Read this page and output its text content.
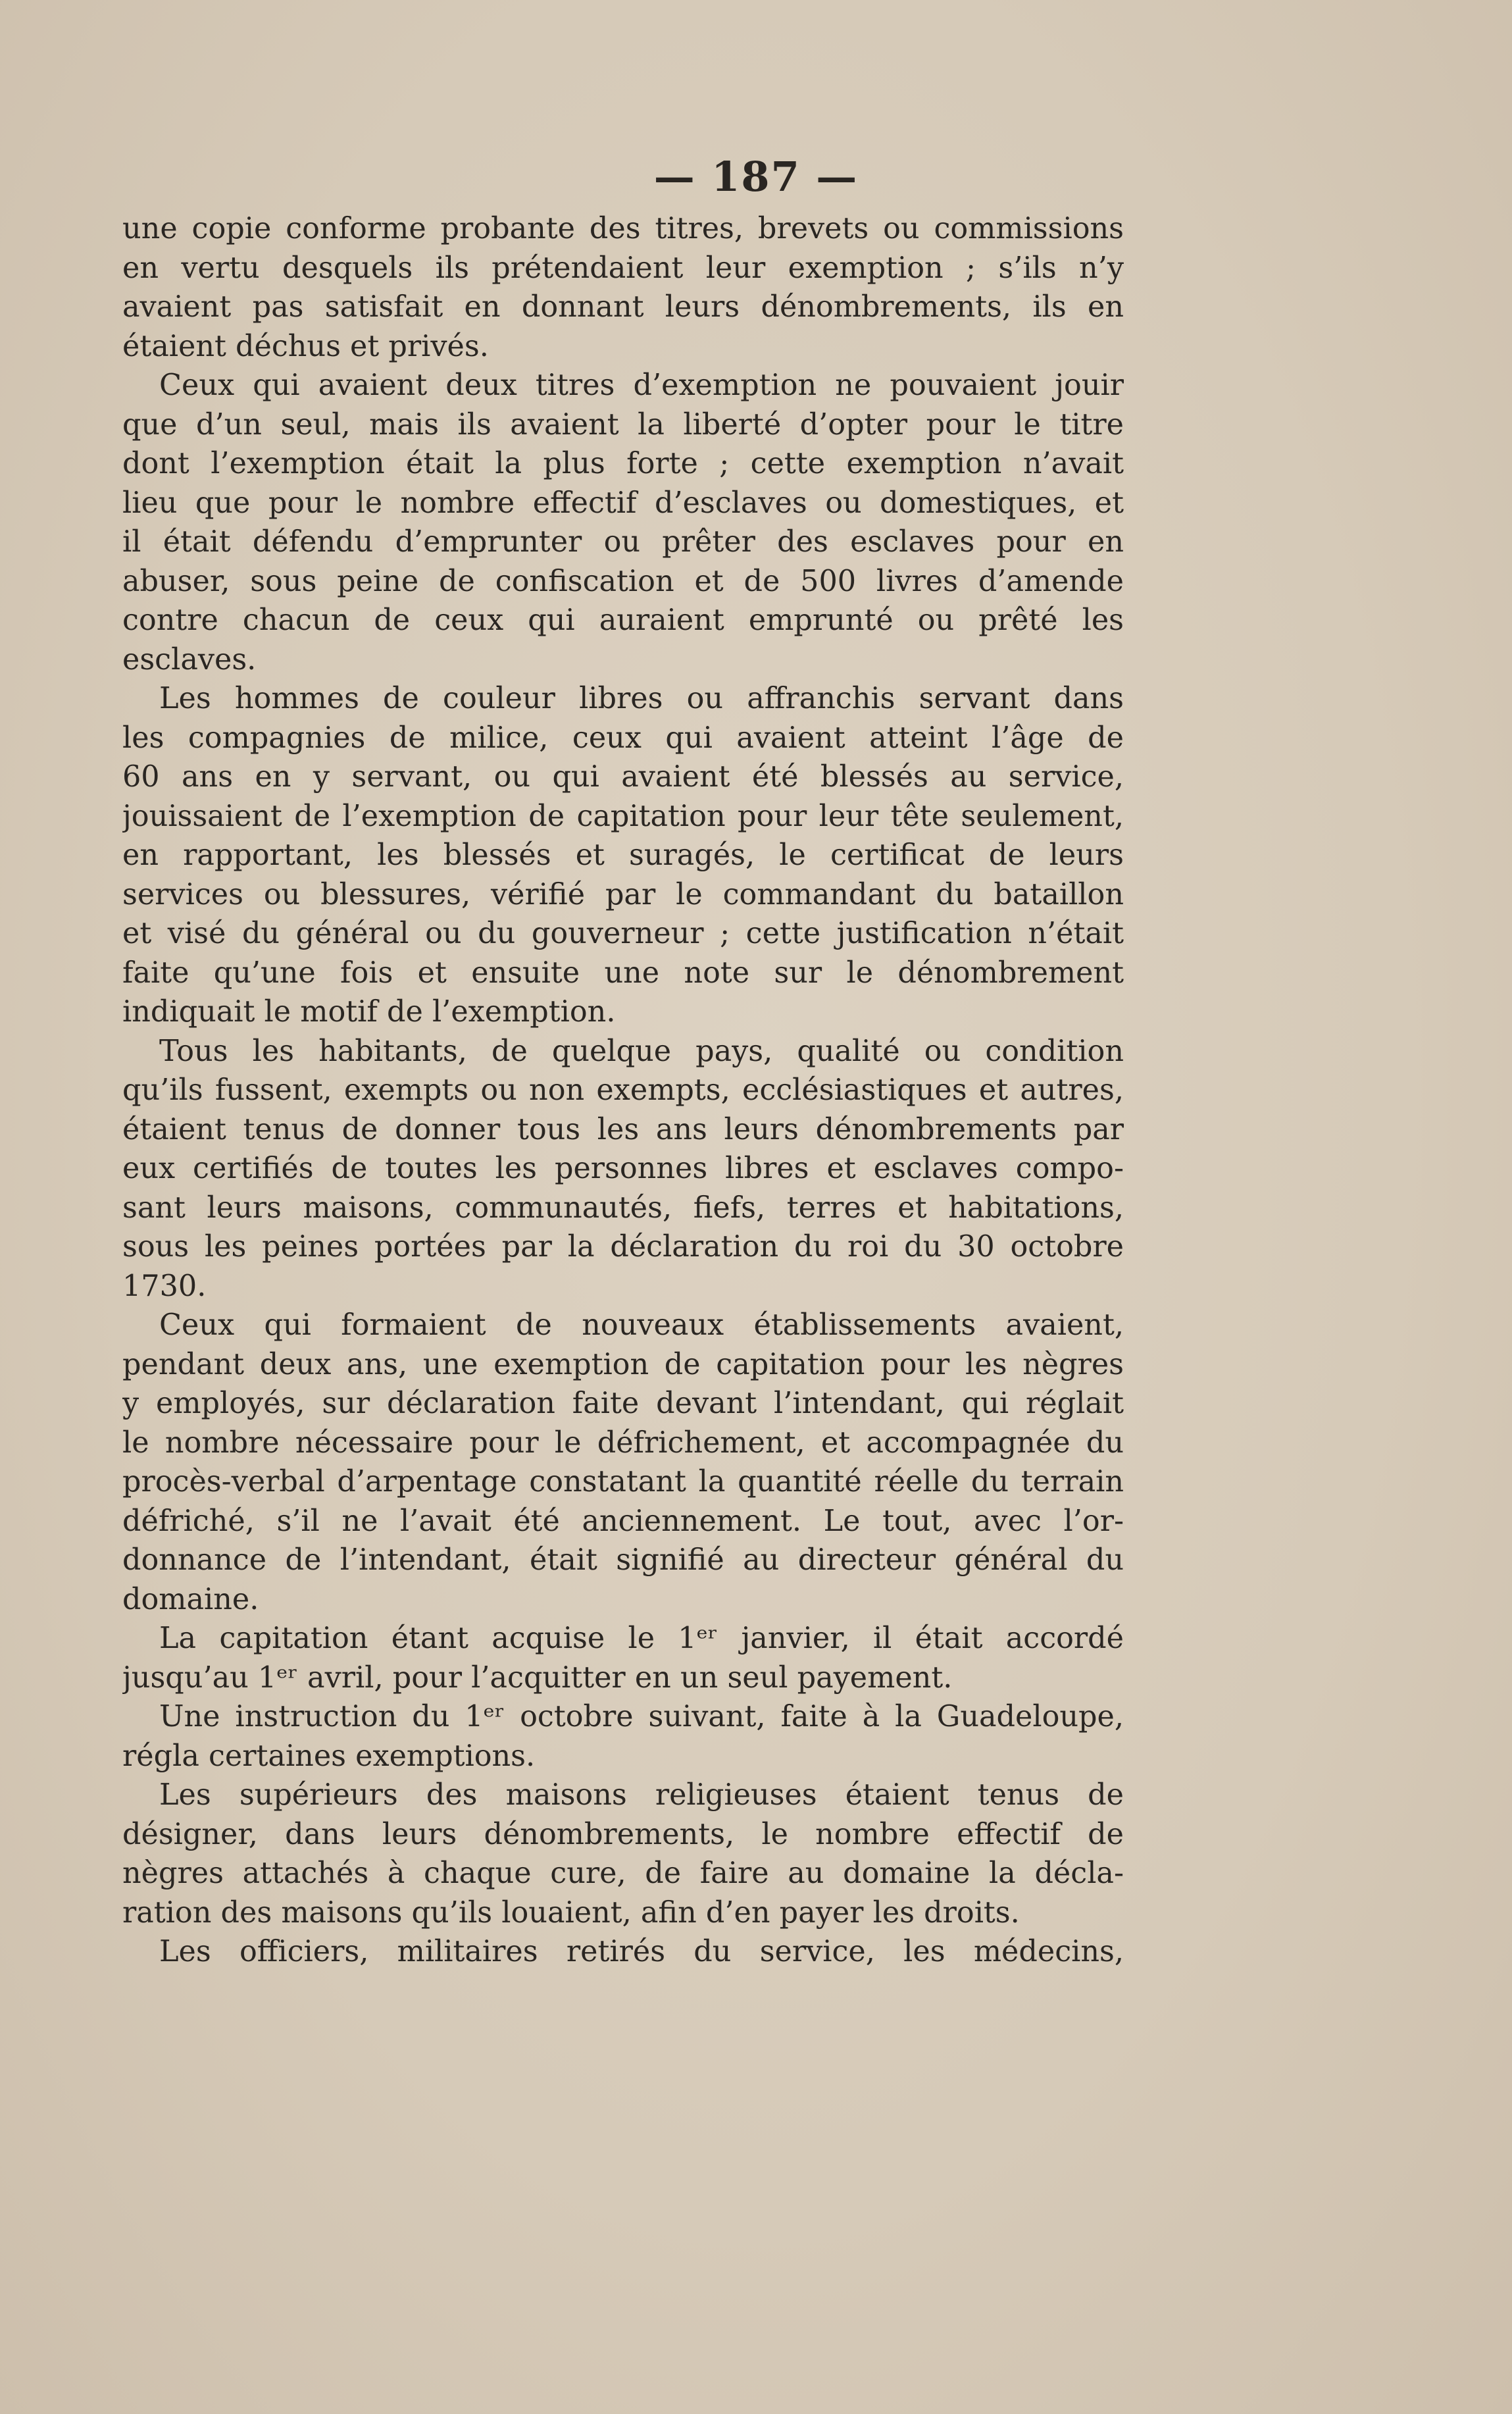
— 187 —
une copie conforme probante des titres, brevets ou commissions
en vertu desquels ils prétendaient leur exemption ; s’ils n’y
avaient pas satisfait en donnant leurs dénombrements, ils en
étaient déchus et privés.
Ceux qui avaient deux titres d’exemption ne pouvaient jouir
que d’un seul, mais ils avaient la liberté d’opter pour le titre
dont l’exemption était la plus forte ; cette exemption n’avait
lieu que pour le nombre effectif d’esclaves ou domestiques, et
il était défendu d’emprunter ou prêter des esclaves pour en
abuser, sous peine de confiscation et de 500 livres d’amende
contre chacun de ceux qui auraient emprunté ou prêté les
esclaves.
Les hommes de couleur libres ou affranchis servant dans
les compagnies de milice, ceux qui avaient atteint l’âge de
60 ans en y servant, ou qui avaient été blessés au service,
jouissaient de l’exemption de capitation pour leur tête seulement,
en rapportant, les blessés et suragés, le certificat de leurs
services ou blessures, vérifié par le commandant du bataillon
et visé du général ou du gouverneur ; cette justification n’était
faite qu’une fois et ensuite une note sur le dénombrement
indiquait le motif de l’exemption.
Tous les habitants, de quelque pays, qualité ou condition
qu’ils fussent, exempts ou non exempts, ecclésiastiques et autres,
étaient tenus de donner tous les ans leurs dénombrements par
eux certifiés de toutes les personnes libres et esclaves compo-
sant leurs maisons, communautés, fiefs, terres et habitations,
sous les peines portées par la déclaration du roi du 30 octobre
1730.
Ceux qui formaient de nouveaux établissements avaient,
pendant deux ans, une exemption de capitation pour les nègres
y employés, sur déclaration faite devant l’intendant, qui réglait
le nombre nécessaire pour le défrichement, et accompagnée du
procès-verbal d’arpentage constatant la quantité réelle du terrain
défriché, s’il ne l’avait été anciennement. Le tout, avec l’or-
donnance de l’intendant, était signifié au directeur général du
domaine.
La capitation étant acquise le 1ᵉʳ janvier, il était accordé
jusqu’au 1ᵉʳ avril, pour l’acquitter en un seul payement.
Une instruction du 1ᵉʳ octobre suivant, faite à la Guadeloupe,
régla certaines exemptions.
Les supérieurs des maisons religieuses étaient tenus de
désigner, dans leurs dénombrements, le nombre effectif de
nègres attachés à chaque cure, de faire au domaine la décla-
ration des maisons qu’ils louaient, afin d’en payer les droits.
Les officiers, militaires retirés du service, les médecins,
